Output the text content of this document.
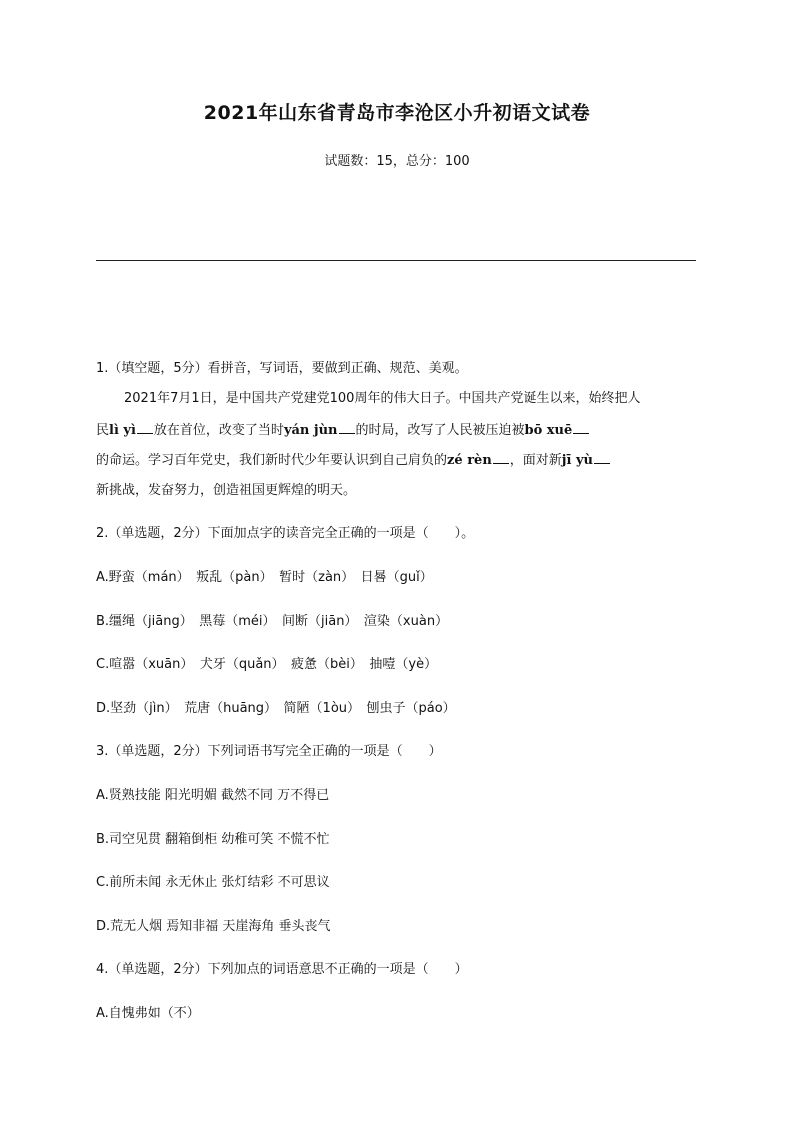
2021年山东省青岛市李沧区小升初语文试卷
试题数：15，总分：100
1.（填空题，5分）看拼音，写词语，要做到正确、规范、美观。
2021年7月1日，是中国共产党建党100周年的伟大日子。中国共产党诞生以来，始终把人
民lì yì 放在首位，改变了当时yán jùn 的时局，改写了人民被压迫被bō xuē
的命运。学习百年党史，我们新时代少年要认识到自己肩负的zé rèn ，面对新jī yù
新挑战，发奋努力，创造祖国更辉煌的明天。
2.（单选题，2分）下面加点字的读音完全正确的一项是（　　）。
A.野蛮（mán）　叛乱（pàn）　暂时（zàn）　日晷（guǐ）
B.缰绳（jiāng）　黑莓（méi）　间断（jiān）　渲染（xuàn）
C.喧嚣（xuān）　犬牙（quǎn）　疲惫（bèi）　抽噎（yè）
D.坚劲（jìn）　荒唐（huāng）　简陋（1òu）　刨虫子（páo）
3.（单选题，2分）下列词语书写完全正确的一项是（　　）
A.贤熟技能 阳光明媚 截然不同 万不得已
B.司空见贯 翻箱倒柜 幼稚可笑 不慌不忙
C.前所未闻 永无休止 张灯结彩 不可思议
D.荒无人烟 焉知非福 天崖海角 垂头丧气
4.（单选题，2分）下列加点的词语意思不正确的一项是（　　）
A.自愧弗如（不）
